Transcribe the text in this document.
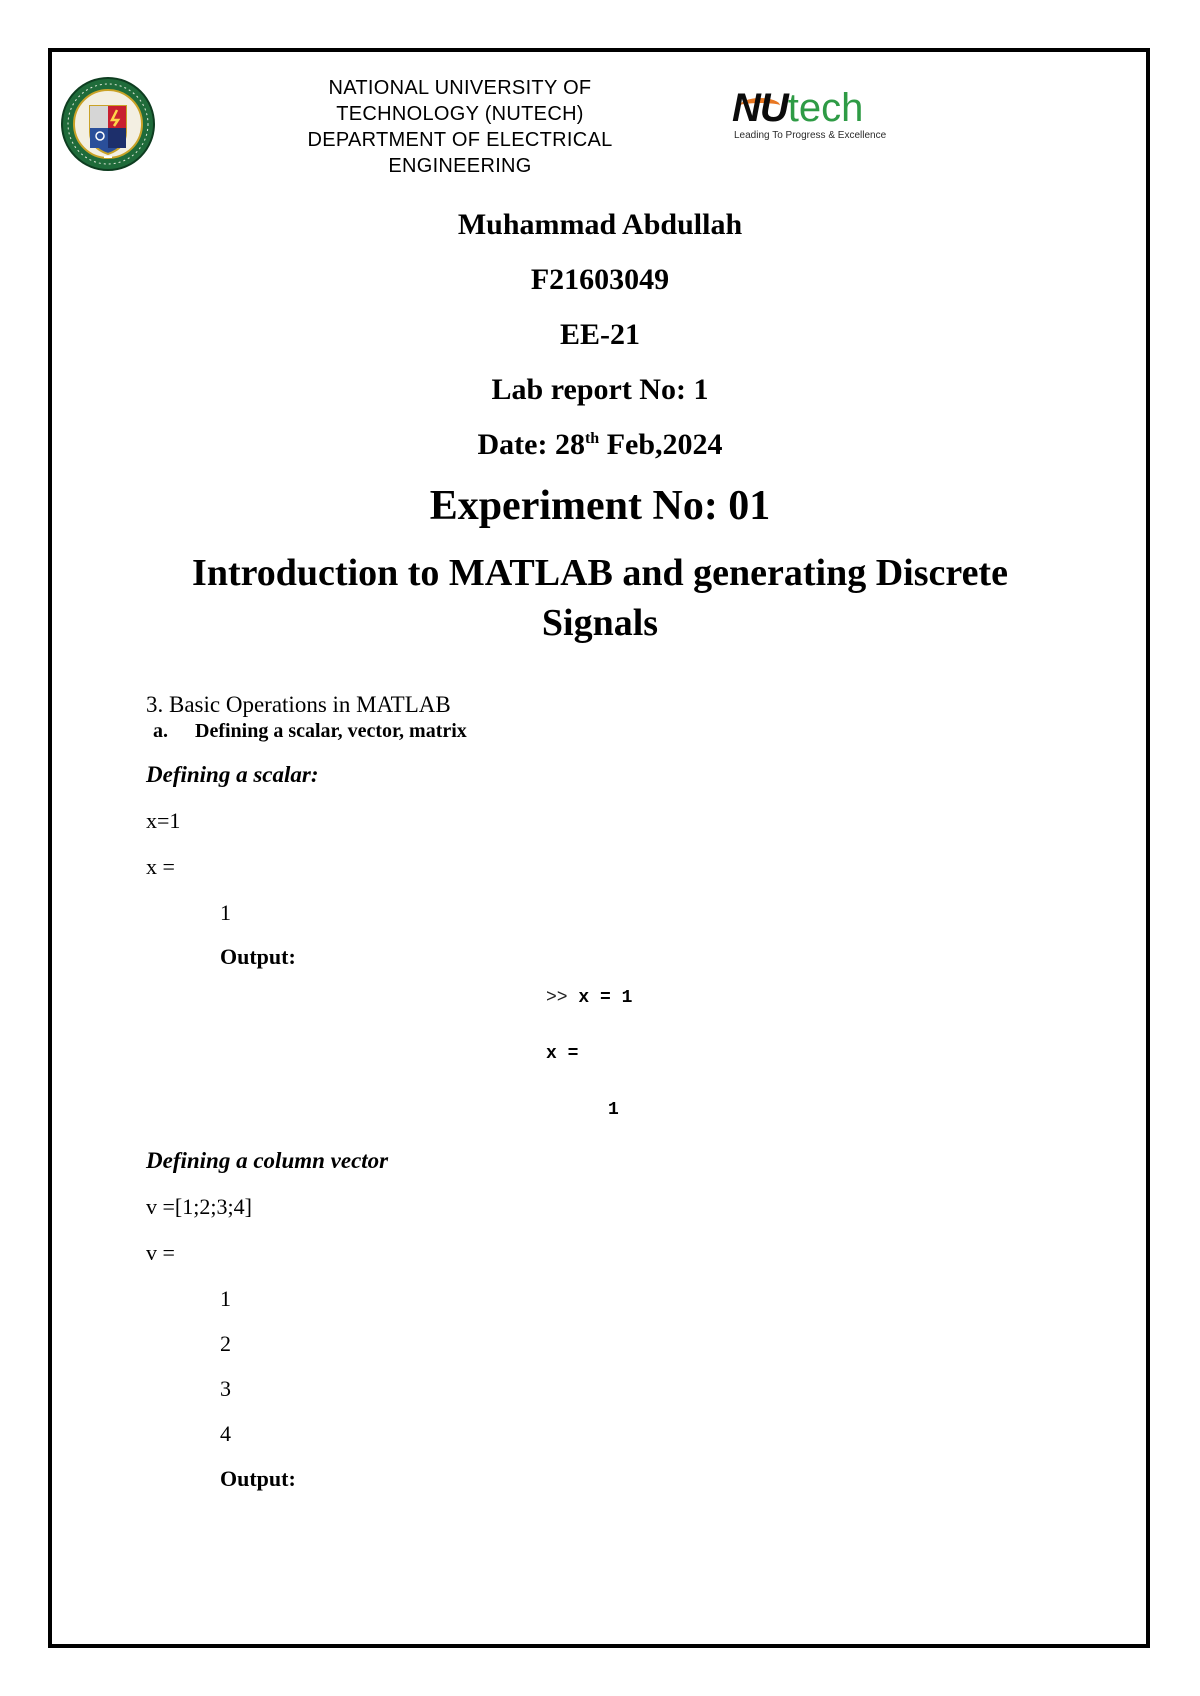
NATIONAL UNIVERSITY OF
TECHNOLOGY (NUTECH)
DEPARTMENT OF ELECTRICAL
ENGINEERING
NUtech
Leading To Progress & Excellence
Muhammad Abdullah
F21603049
EE-21
Lab report No: 1
Date: 28th Feb,2024
Experiment No: 01
Introduction to MATLAB and generating Discrete
Signals
3. Basic Operations in MATLAB
a. Defining a scalar, vector, matrix
Defining a scalar:
x=1
x =
1
Output:
>> x = 1
x =
1
Defining a column vector
v =[1;2;3;4]
v =
1
2
3
4
Output:
